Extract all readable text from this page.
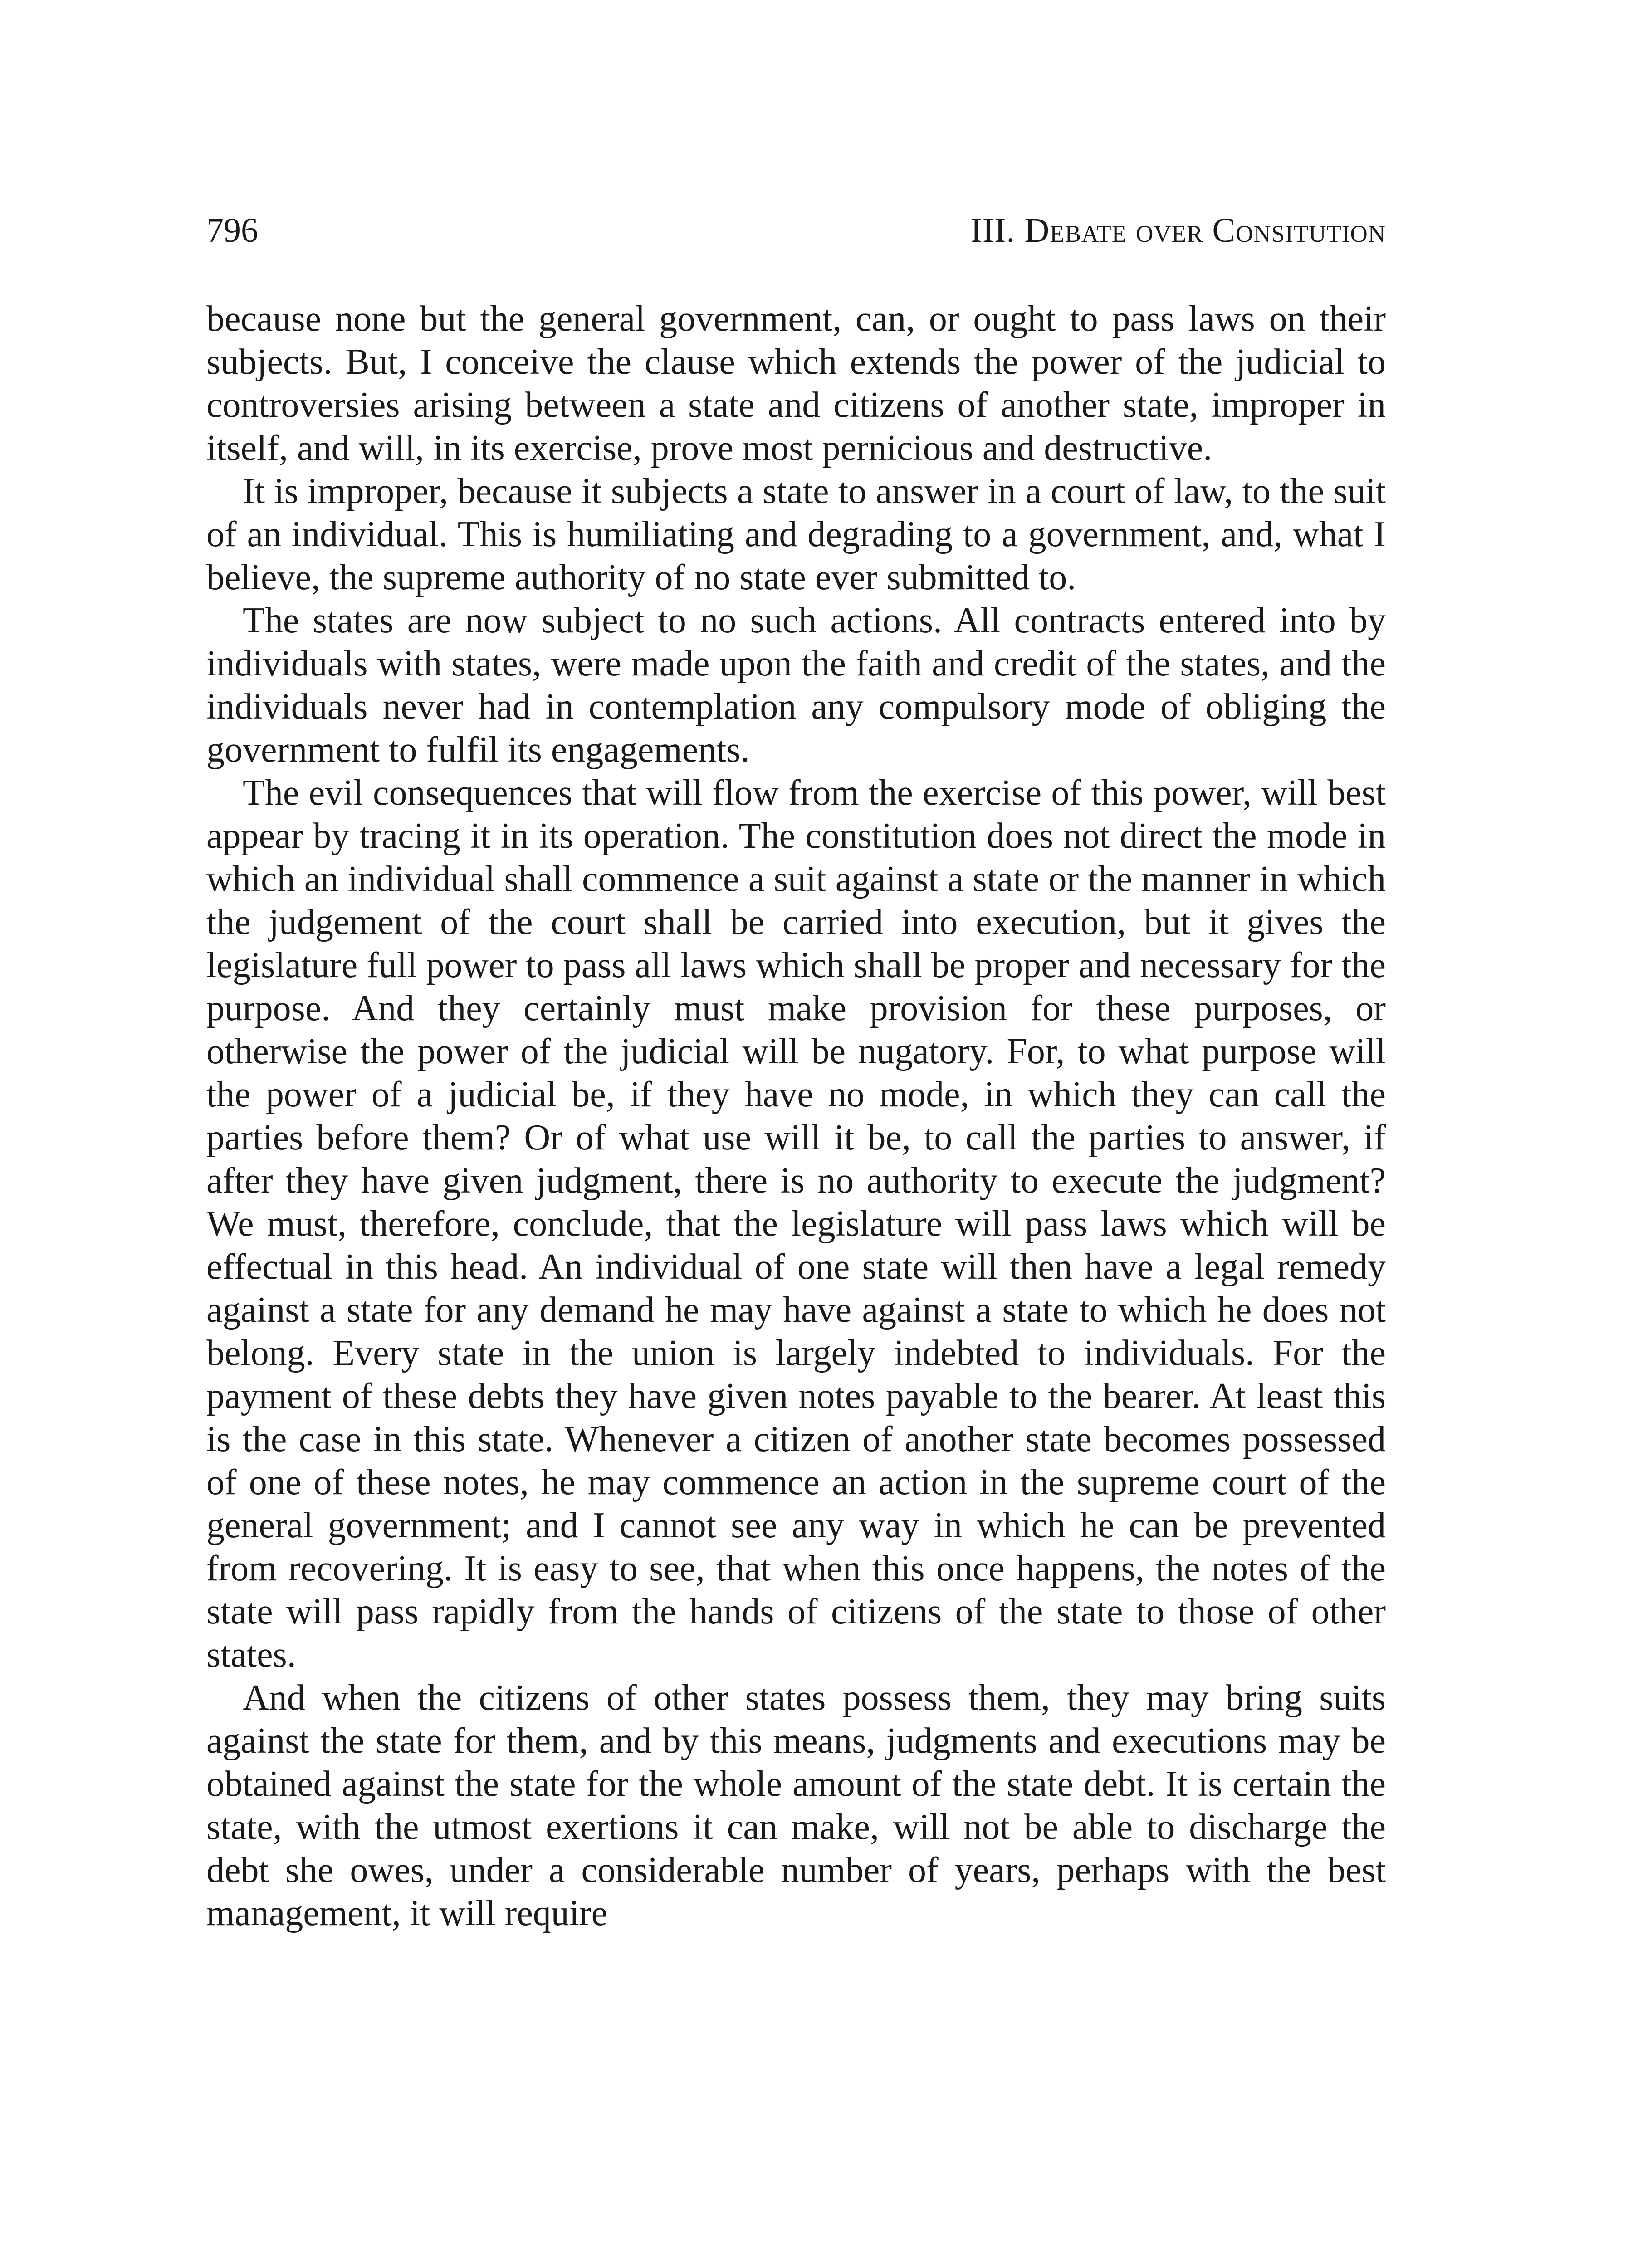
796	III. Debate over Consitution

because none but the general government, can, or ought to pass laws on their subjects. But, I conceive the clause which extends the power of the judicial to controversies arising between a state and citizens of another state, improper in itself, and will, in its exercise, prove most pernicious and destructive.

It is improper, because it subjects a state to answer in a court of law, to the suit of an individual. This is humiliating and degrading to a government, and, what I believe, the supreme authority of no state ever submitted to.

The states are now subject to no such actions. All contracts entered into by individuals with states, were made upon the faith and credit of the states, and the individuals never had in contemplation any compulsory mode of obliging the government to fulfil its engagements.

The evil consequences that will flow from the exercise of this power, will best appear by tracing it in its operation. The constitution does not direct the mode in which an individual shall commence a suit against a state or the manner in which the judgement of the court shall be carried into execution, but it gives the legislature full power to pass all laws which shall be proper and necessary for the purpose. And they certainly must make provision for these purposes, or otherwise the power of the judicial will be nugatory. For, to what purpose will the power of a judicial be, if they have no mode, in which they can call the parties before them? Or of what use will it be, to call the parties to answer, if after they have given judgment, there is no authority to execute the judgment? We must, therefore, conclude, that the legislature will pass laws which will be effectual in this head. An individual of one state will then have a legal remedy against a state for any demand he may have against a state to which he does not belong. Every state in the union is largely indebted to individuals. For the payment of these debts they have given notes payable to the bearer. At least this is the case in this state. Whenever a citizen of another state becomes possessed of one of these notes, he may commence an action in the supreme court of the general government; and I cannot see any way in which he can be prevented from recovering. It is easy to see, that when this once happens, the notes of the state will pass rapidly from the hands of citizens of the state to those of other states.

And when the citizens of other states possess them, they may bring suits against the state for them, and by this means, judgments and executions may be obtained against the state for the whole amount of the state debt. It is certain the state, with the utmost exertions it can make, will not be able to discharge the debt she owes, under a considerable number of years, perhaps with the best management, it will require
